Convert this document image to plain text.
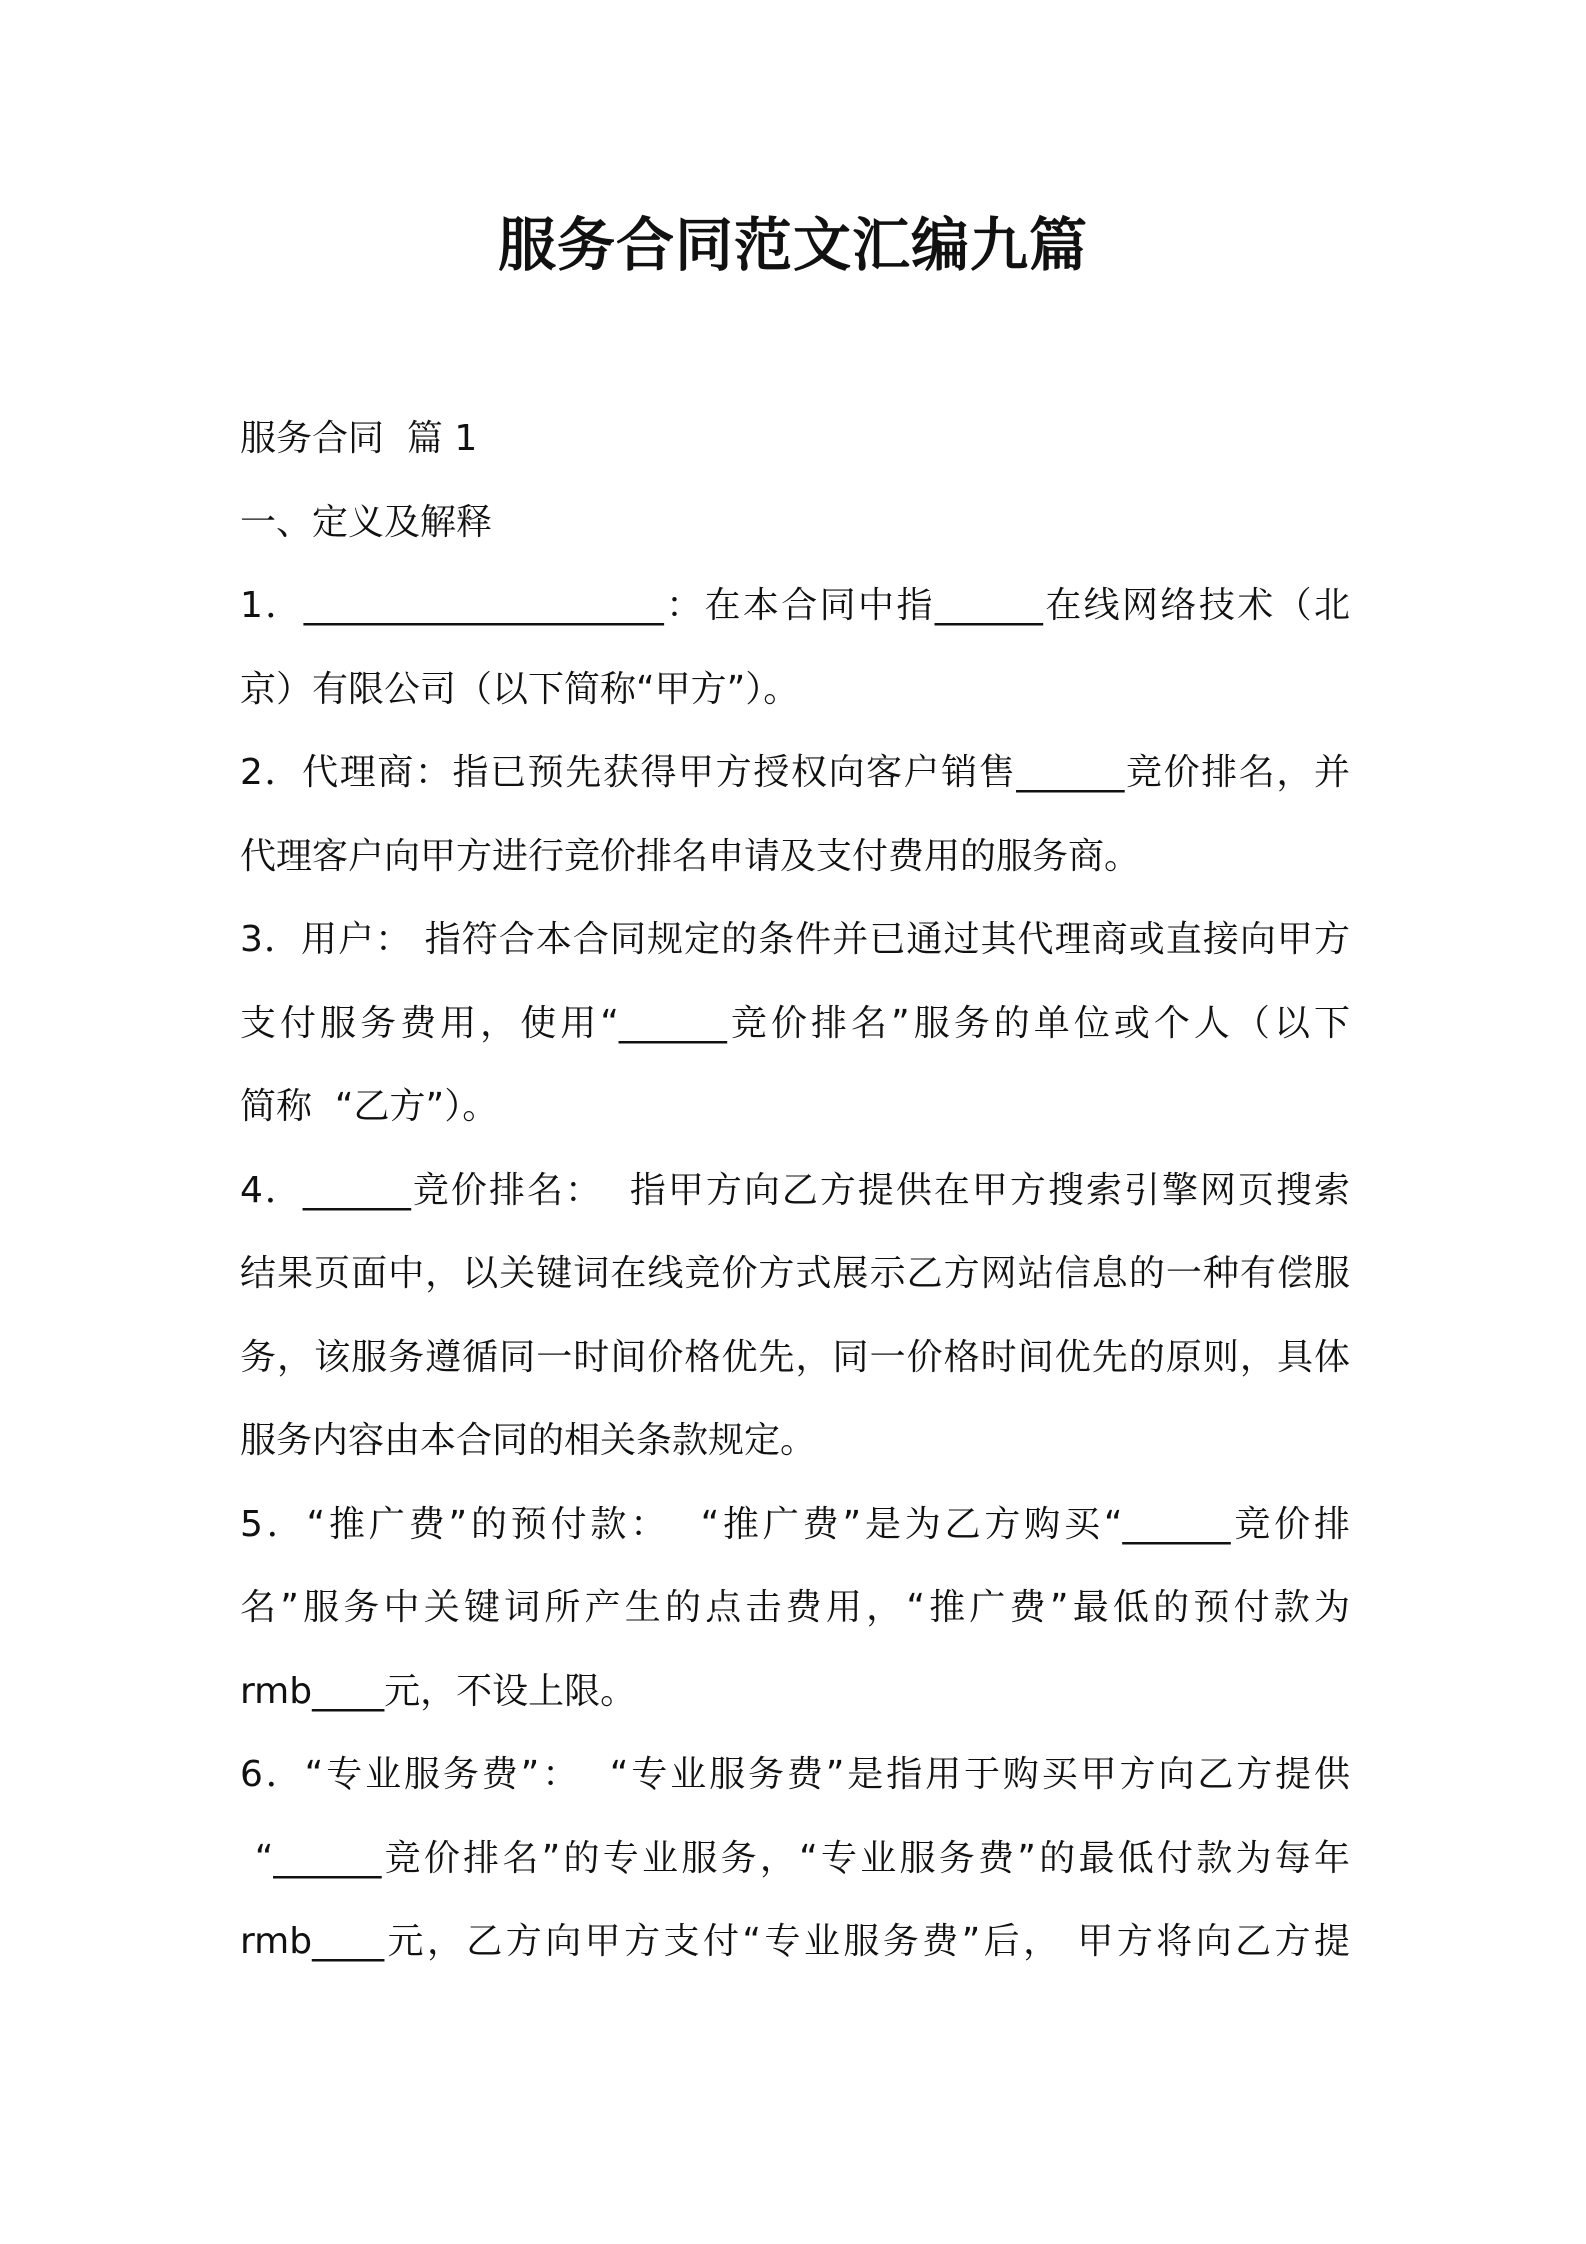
服务合同范文汇编九篇
服务合同  篇 1
一、定义及解释
1．____________________：在本合同中指______在线网络技术（北
京）有限公司（以下简称“甲方”）。
2．代理商：指已预先获得甲方授权向客户销售______竞价排名，并
代理客户向甲方进行竞价排名申请及支付费用的服务商。
3．用户： 指符合本合同规定的条件并已通过其代理商或直接向甲方
支付服务费用，使用“______竞价排名”服务的单位或个人（以下
简称  “乙方”）。
4．______竞价排名：  指甲方向乙方提供在甲方搜索引擎网页搜索
结果页面中，以关键词在线竞价方式展示乙方网站信息的一种有偿服
务，该服务遵循同一时间价格优先，同一价格时间优先的原则，具体
服务内容由本合同的相关条款规定。
5．“推广费”的预付款：  “推广费”是为乙方购买“______竞价排
名”服务中关键词所产生的点击费用，“推广费”最低的预付款为
rmb____元，不设上限。
6．“专业服务费”：  “专业服务费”是指用于购买甲方向乙方提供
“______竞价排名”的专业服务，“专业服务费”的最低付款为每年
rmb____元，乙方向甲方支付“专业服务费”后， 甲方将向乙方提
